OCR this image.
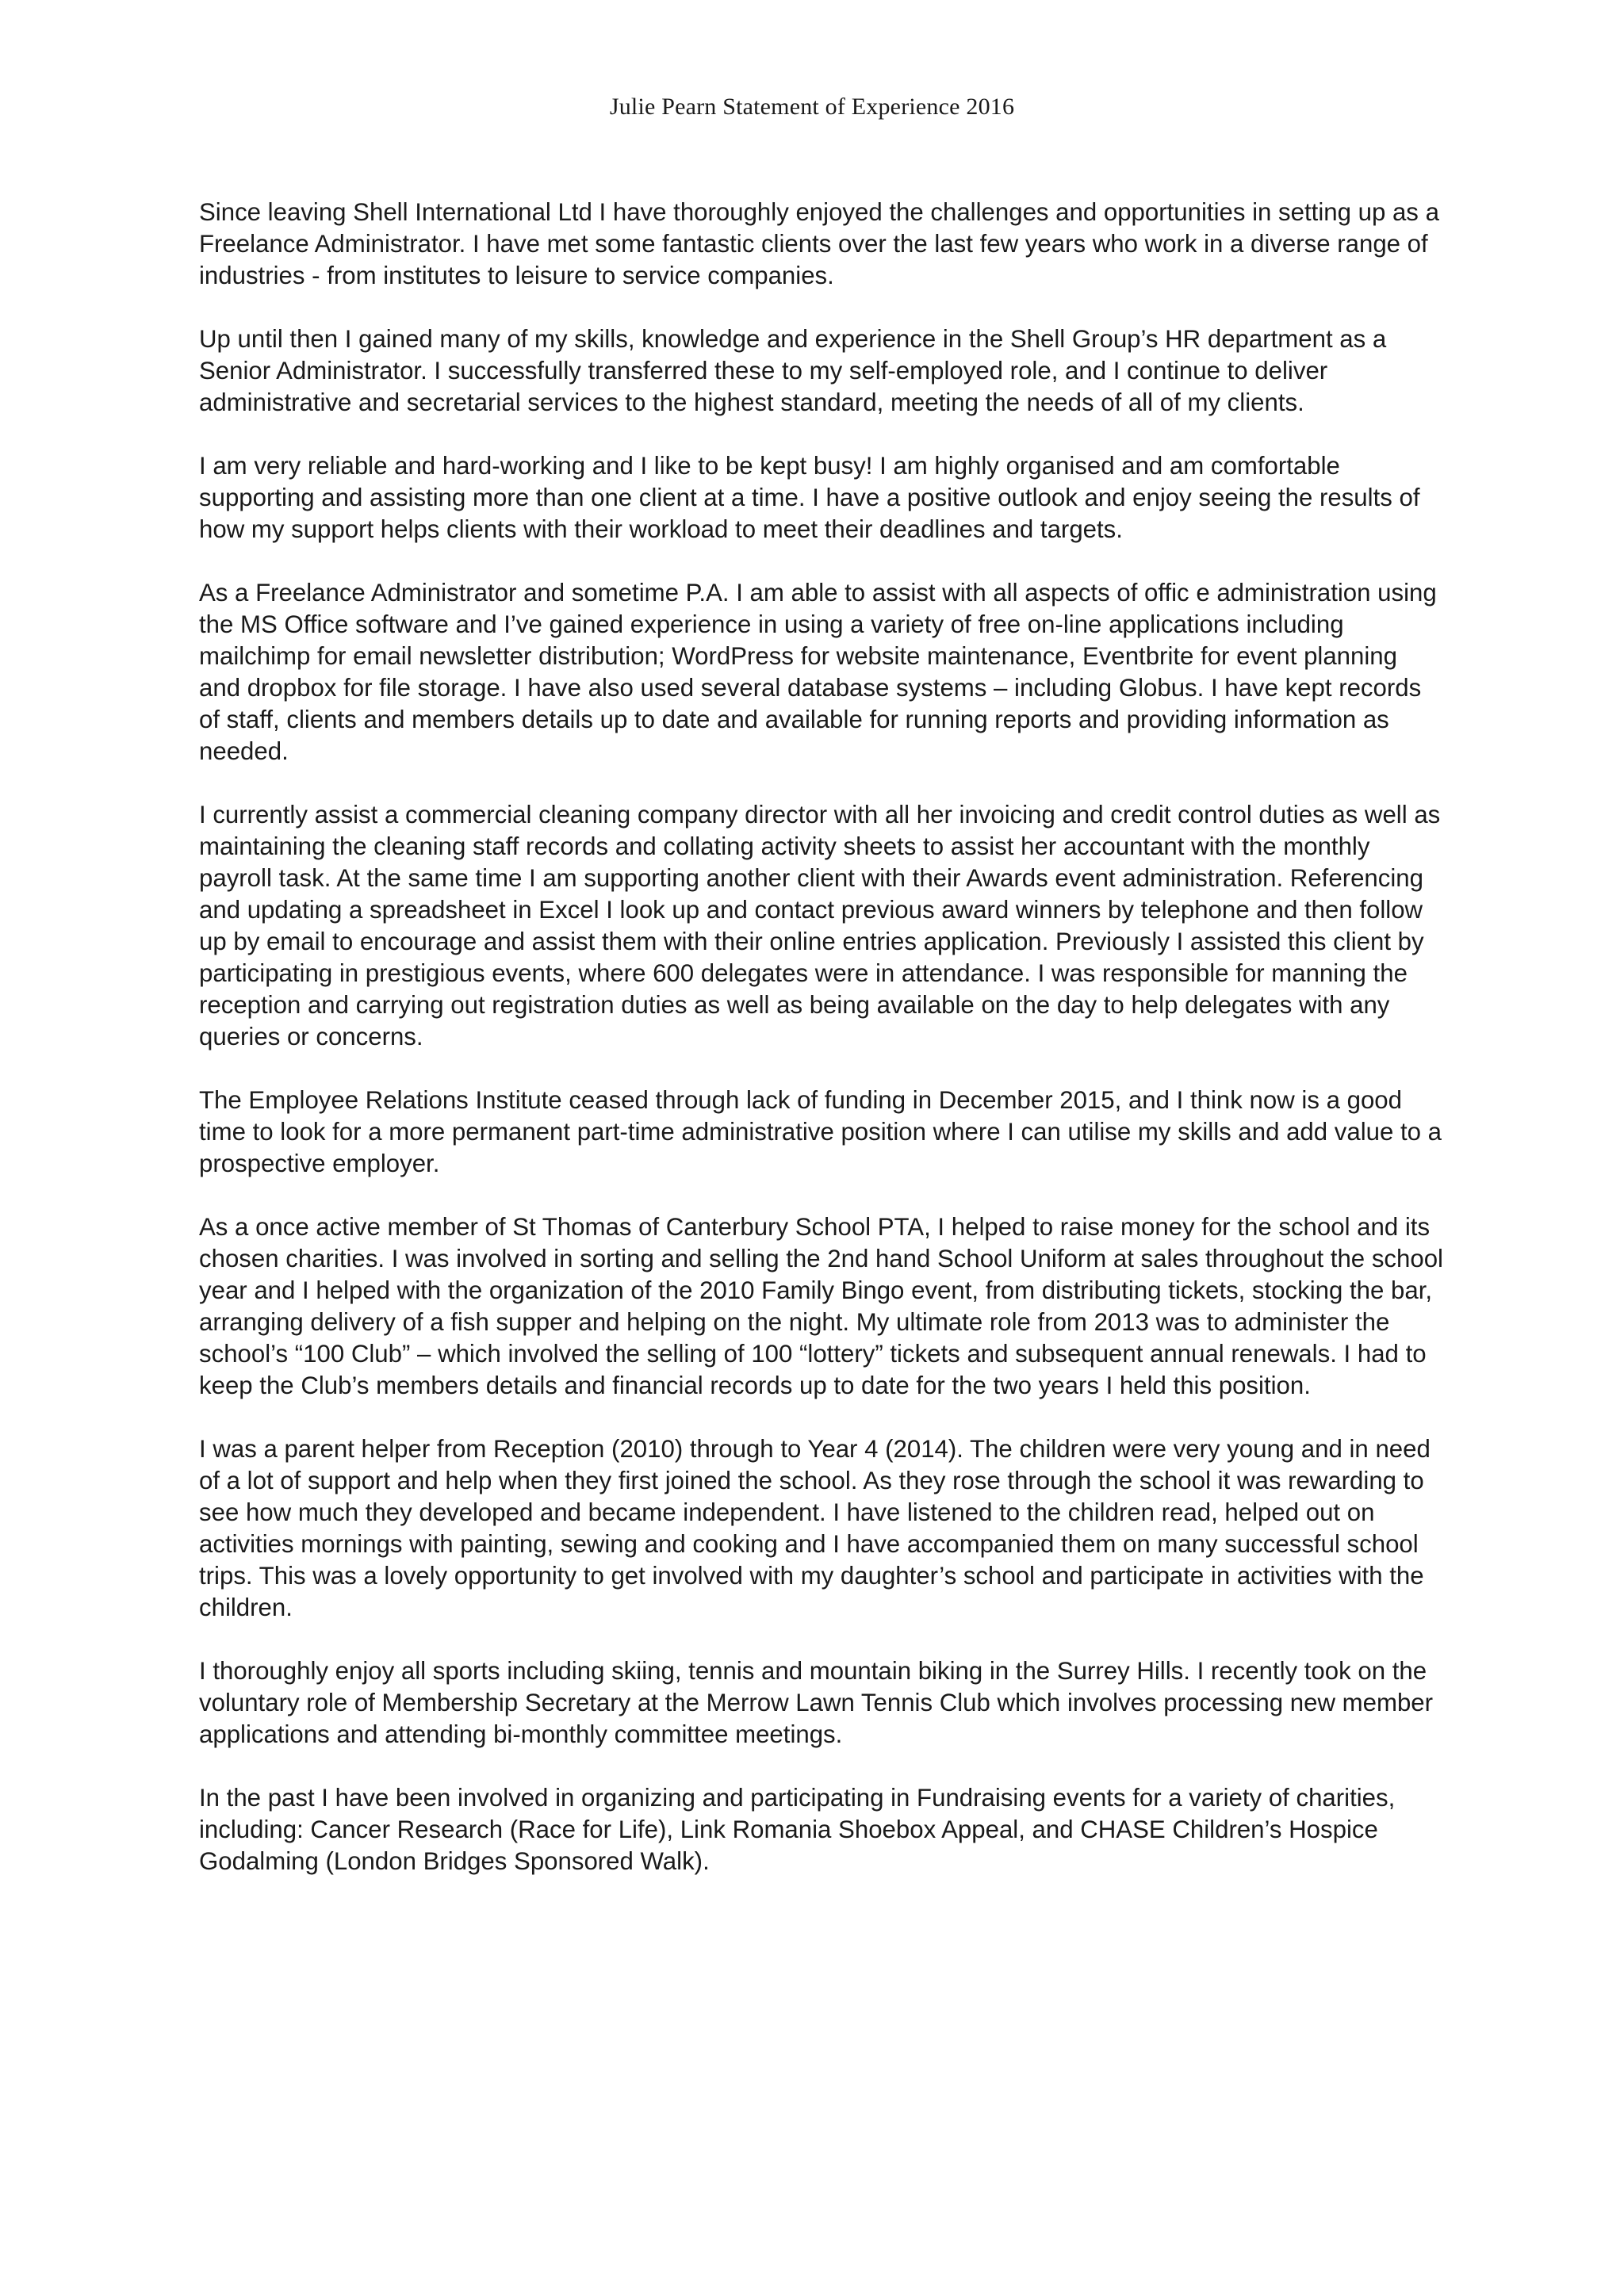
Julie Pearn Statement of Experience 2016

Since leaving Shell International Ltd I have thoroughly enjoyed the challenges and opportunities in setting up as a Freelance Administrator. I have met some fantastic clients over the last few years who work in a diverse range of industries - from institutes to leisure to service companies.

Up until then I gained many of my skills, knowledge and experience in the Shell Group’s HR department as a Senior Administrator. I successfully transferred these to my self-employed role, and I continue to deliver administrative and secretarial services to the highest standard, meeting the needs of all of my clients.

I am very reliable and hard-working and I like to be kept busy! I am highly organised and am comfortable supporting and assisting more than one client at a time. I have a positive outlook and enjoy seeing the results of how my support helps clients with their workload to meet their deadlines and targets.

As a Freelance Administrator and sometime P.A. I am able to assist with all aspects of offic e administration using the MS Office software and I’ve gained experience in using a variety of free on-line applications including mailchimp for email newsletter distribution; WordPress for website maintenance, Eventbrite for event planning and dropbox for file storage. I have also used several database systems – including Globus. I have kept records of staff, clients and members details up to date and available for running reports and providing information as needed.

I currently assist a commercial cleaning company director with all her invoicing and credit control duties as well as maintaining the cleaning staff records and collating activity sheets to assist her accountant with the monthly payroll task. At the same time I am supporting another client with their Awards event administration. Referencing and updating a spreadsheet in Excel I look up and contact previous award winners by telephone and then follow up by email to encourage and assist them with their online entries application. Previously I assisted this client by participating in prestigious events, where 600 delegates were in attendance. I was responsible for manning the reception and carrying out registration duties as well as being available on the day to help delegates with any queries or concerns.

The Employee Relations Institute ceased through lack of funding in December 2015, and I think now is a good time to look for a more permanent part-time administrative position where I can utilise my skills and add value to a prospective employer.

As a once active member of St Thomas of Canterbury School PTA, I helped to raise money for the school and its chosen charities. I was involved in sorting and selling the 2nd hand School Uniform at sales throughout the school year and I helped with the organization of the 2010 Family Bingo event, from distributing tickets, stocking the bar, arranging delivery of a fish supper and helping on the night. My ultimate role from 2013 was to administer the school’s “100 Club” – which involved the selling of 100 “lottery” tickets and subsequent annual renewals. I had to keep the Club’s members details and financial records up to date for the two years I held this position.

I was a parent helper from Reception (2010) through to Year 4 (2014). The children were very young and in need of a lot of support and help when they first joined the school. As they rose through the school it was rewarding to see how much they developed and became independent. I have listened to the children read, helped out on activities mornings with painting, sewing and cooking and I have accompanied them on many successful school trips. This was a lovely opportunity to get involved with my daughter’s school and participate in activities with the children.

I thoroughly enjoy all sports including skiing, tennis and mountain biking in the Surrey Hills. I recently took on the voluntary role of Membership Secretary at the Merrow Lawn Tennis Club which involves processing new member applications and attending bi-monthly committee meetings.

In the past I have been involved in organizing and participating in Fundraising events for a variety of charities, including: Cancer Research (Race for Life), Link Romania Shoebox Appeal, and CHASE Children’s Hospice Godalming (London Bridges Sponsored Walk).
